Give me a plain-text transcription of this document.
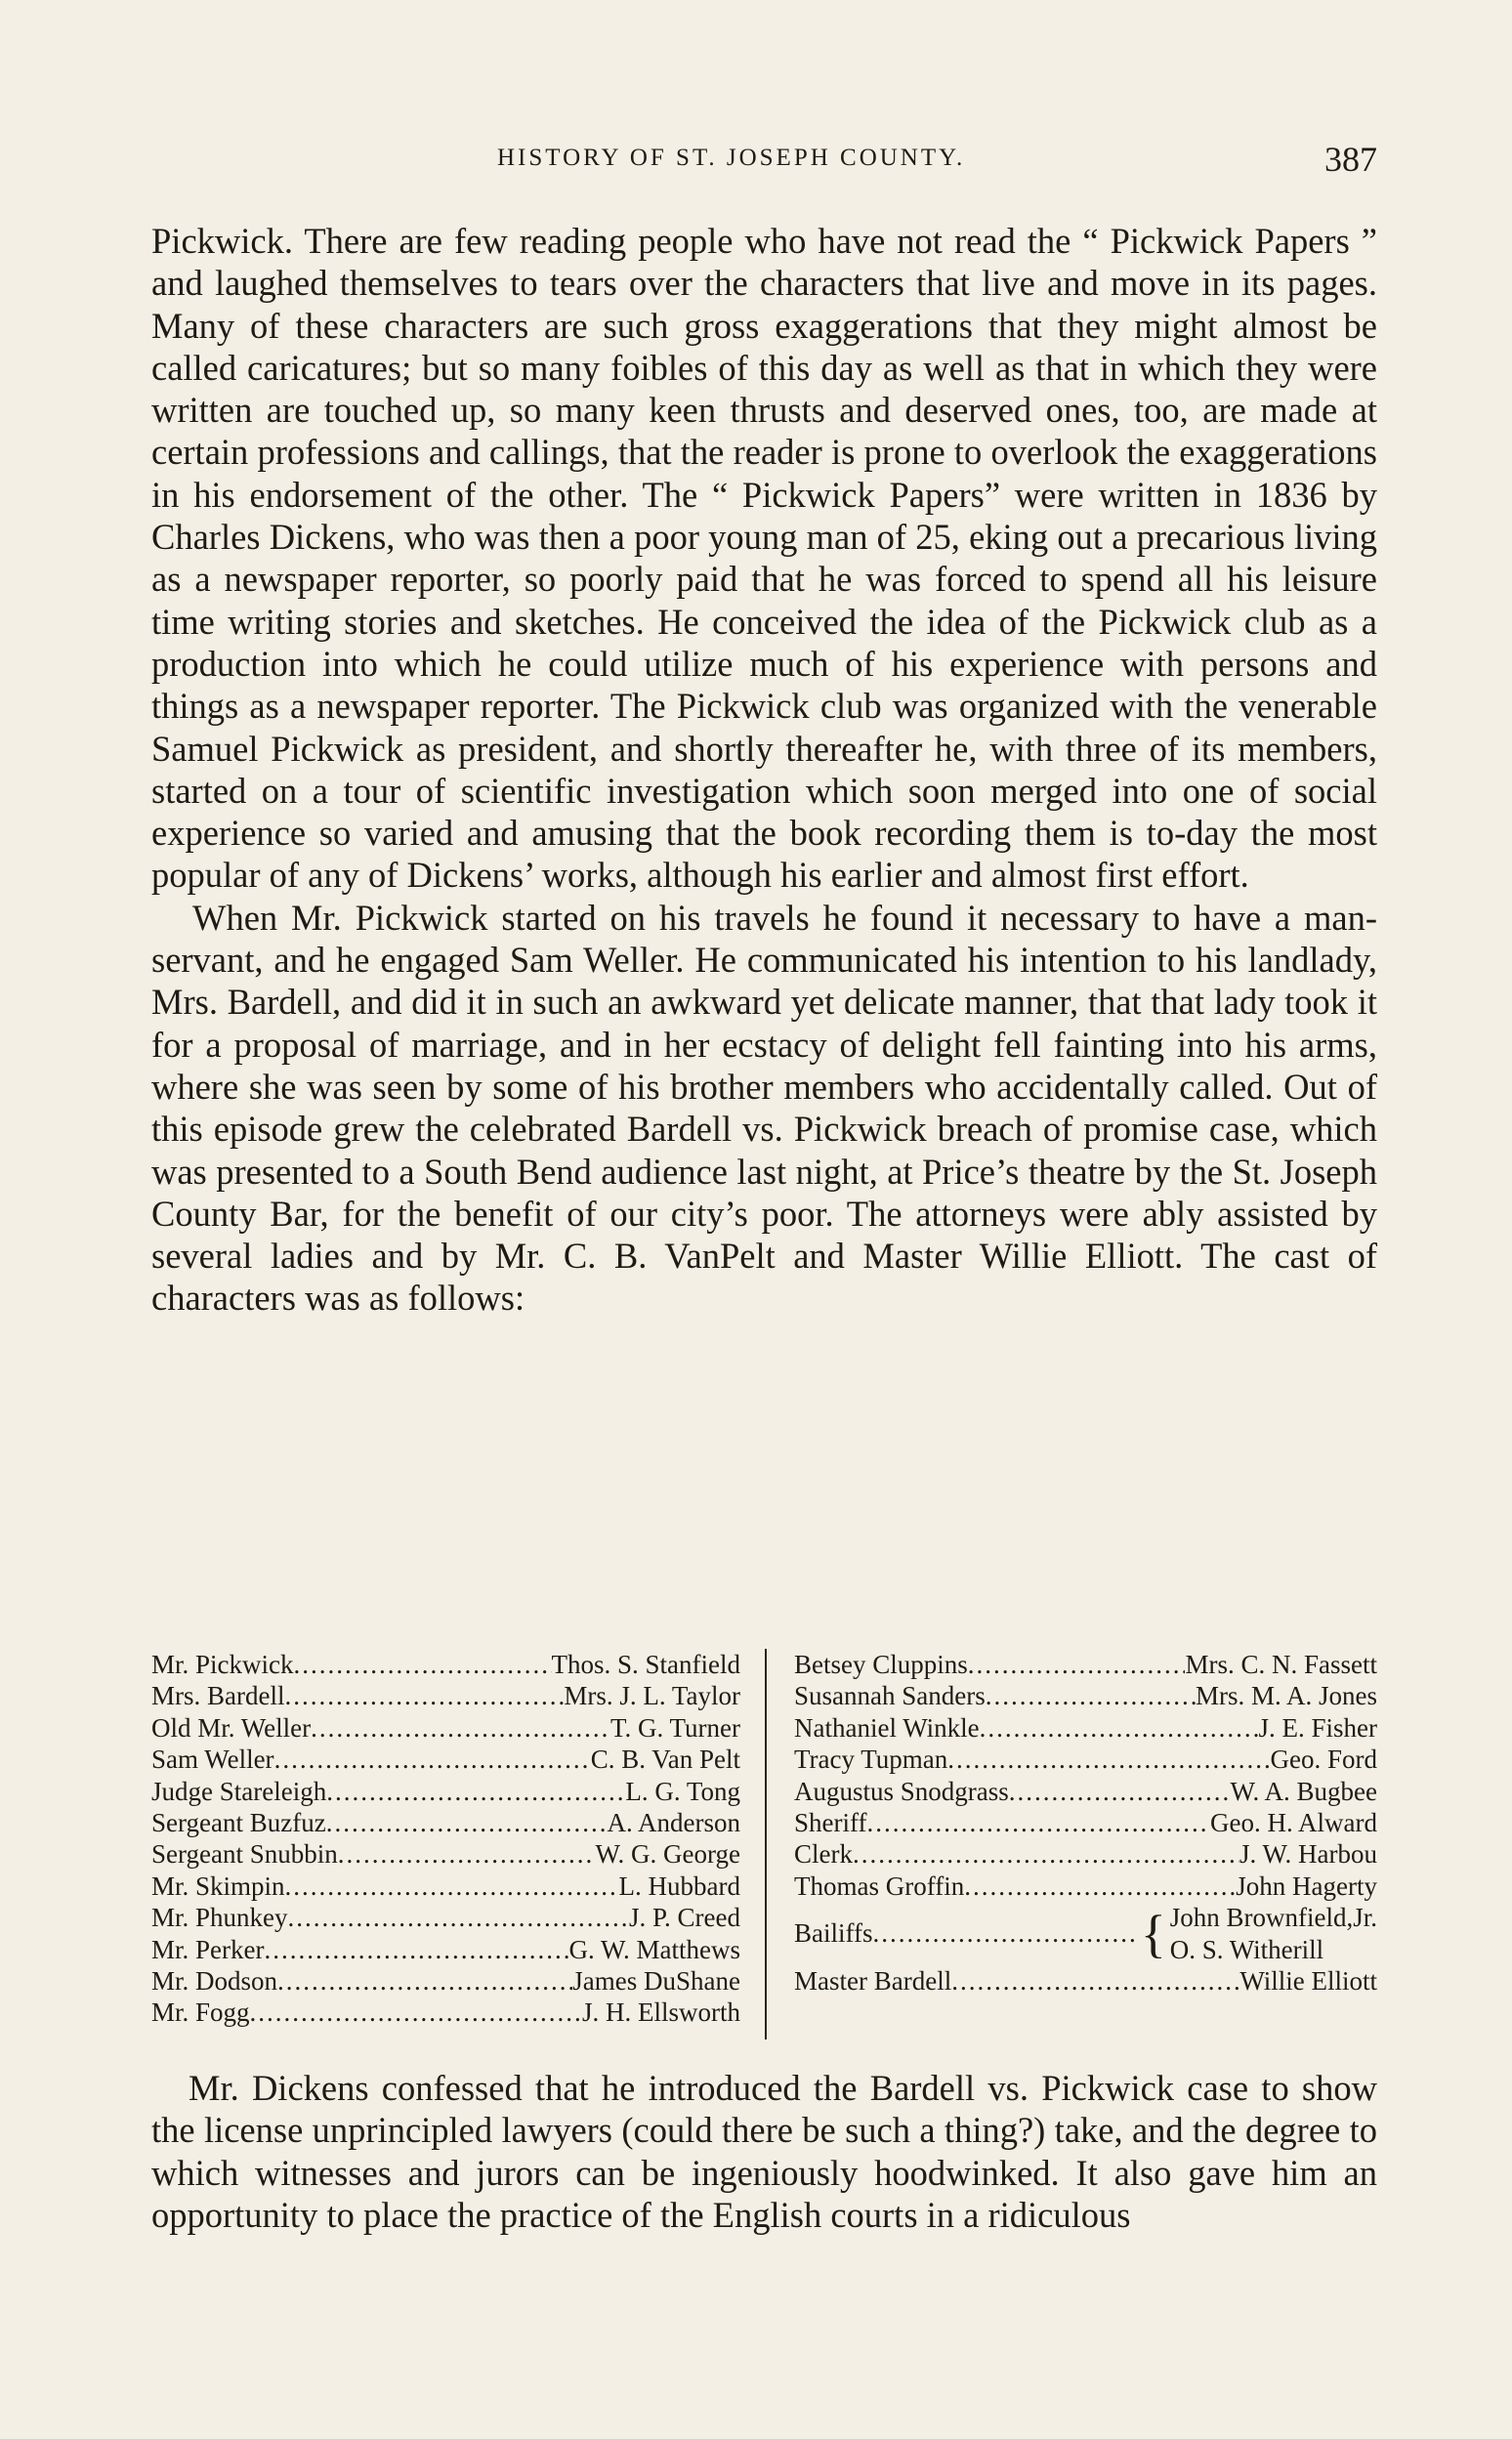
HISTORY OF ST. JOSEPH COUNTY.	387

Pickwick. There are few reading people who have not read the “ Pickwick Papers ” and laughed themselves to tears over the characters that live and move in its pages. Many of these characters are such gross exaggerations that they might almost be called caricatures; but so many foibles of this day as well as that in which they were written are touched up, so many keen thrusts and deserved ones, too, are made at certain professions and callings, that the reader is prone to overlook the exaggerations in his endorsement of the other. The “ Pickwick Papers” were written in 1836 by Charles Dickens, who was then a poor young man of 25, eking out a precarious living as a newspaper reporter, so poorly paid that he was forced to spend all his leisure time writing stories and sketches. He conceived the idea of the Pickwick club as a production into which he could utilize much of his experience with persons and things as a newspaper reporter. The Pickwick club was organized with the venerable Samuel Pickwick as president, and shortly thereafter he, with three of its members, started on a tour of scientific investigation which soon merged into one of social experience so varied and amusing that the book recording them is to-day the most popular of any of Dickens’ works, although his earlier and almost first effort.

When Mr. Pickwick started on his travels he found it necessary to have a man-servant, and he engaged Sam Weller. He communicated his intention to his landlady, Mrs. Bardell, and did it in such an awkward yet delicate manner, that that lady took it for a proposal of marriage, and in her ecstacy of delight fell fainting into his arms, where she was seen by some of his brother members who accidentally called. Out of this episode grew the celebrated Bardell vs. Pickwick breach of promise case, which was presented to a South Bend audience last night, at Price’s theatre by the St. Joseph County Bar, for the benefit of our city’s poor. The attorneys were ably assisted by several ladies and by Mr. C. B. VanPelt and Master Willie Elliott. The cast of characters was as follows:

Mr. Pickwick .....	Thos. S. Stanfield
Mrs. Bardell .....	Mrs. J. L. Taylor
Old Mr. Weller .....	T. G. Turner
Sam Weller .....	C. B. Van Pelt
Judge Stareleigh .....	L. G. Tong
Sergeant Buzfuz .....	A. Anderson
Sergeant Snubbin .....	W. G. George
Mr. Skimpin .....	L. Hubbard
Mr. Phunkey .....	J. P. Creed
Mr. Perker .....	G. W. Matthews
Mr. Dodson .....	James DuShane
Mr. Fogg .....	J. H. Ellsworth
Betsey Cluppins .....	Mrs. C. N. Fassett
Susannah Sanders .....	Mrs. M. A. Jones
Nathaniel Winkle .....	J. E. Fisher
Tracy Tupman .....	Geo. Ford
Augustus Snodgrass .....	W. A. Bugbee
Sheriff .....	Geo. H. Alward
Clerk .....	J. W. Harbou
Thomas Groffin .....	John Hagerty
Bailiffs .....	{ John Brownfield,Jr.
O. S. Witherill
Master Bardell .....	Willie Elliott

Mr. Dickens confessed that he introduced the Bardell vs. Pickwick case to show the license unprincipled lawyers (could there be such a thing?) take, and the degree to which witnesses and jurors can be ingeniously hoodwinked. It also gave him an opportunity to place the practice of the English courts in a ridiculous
